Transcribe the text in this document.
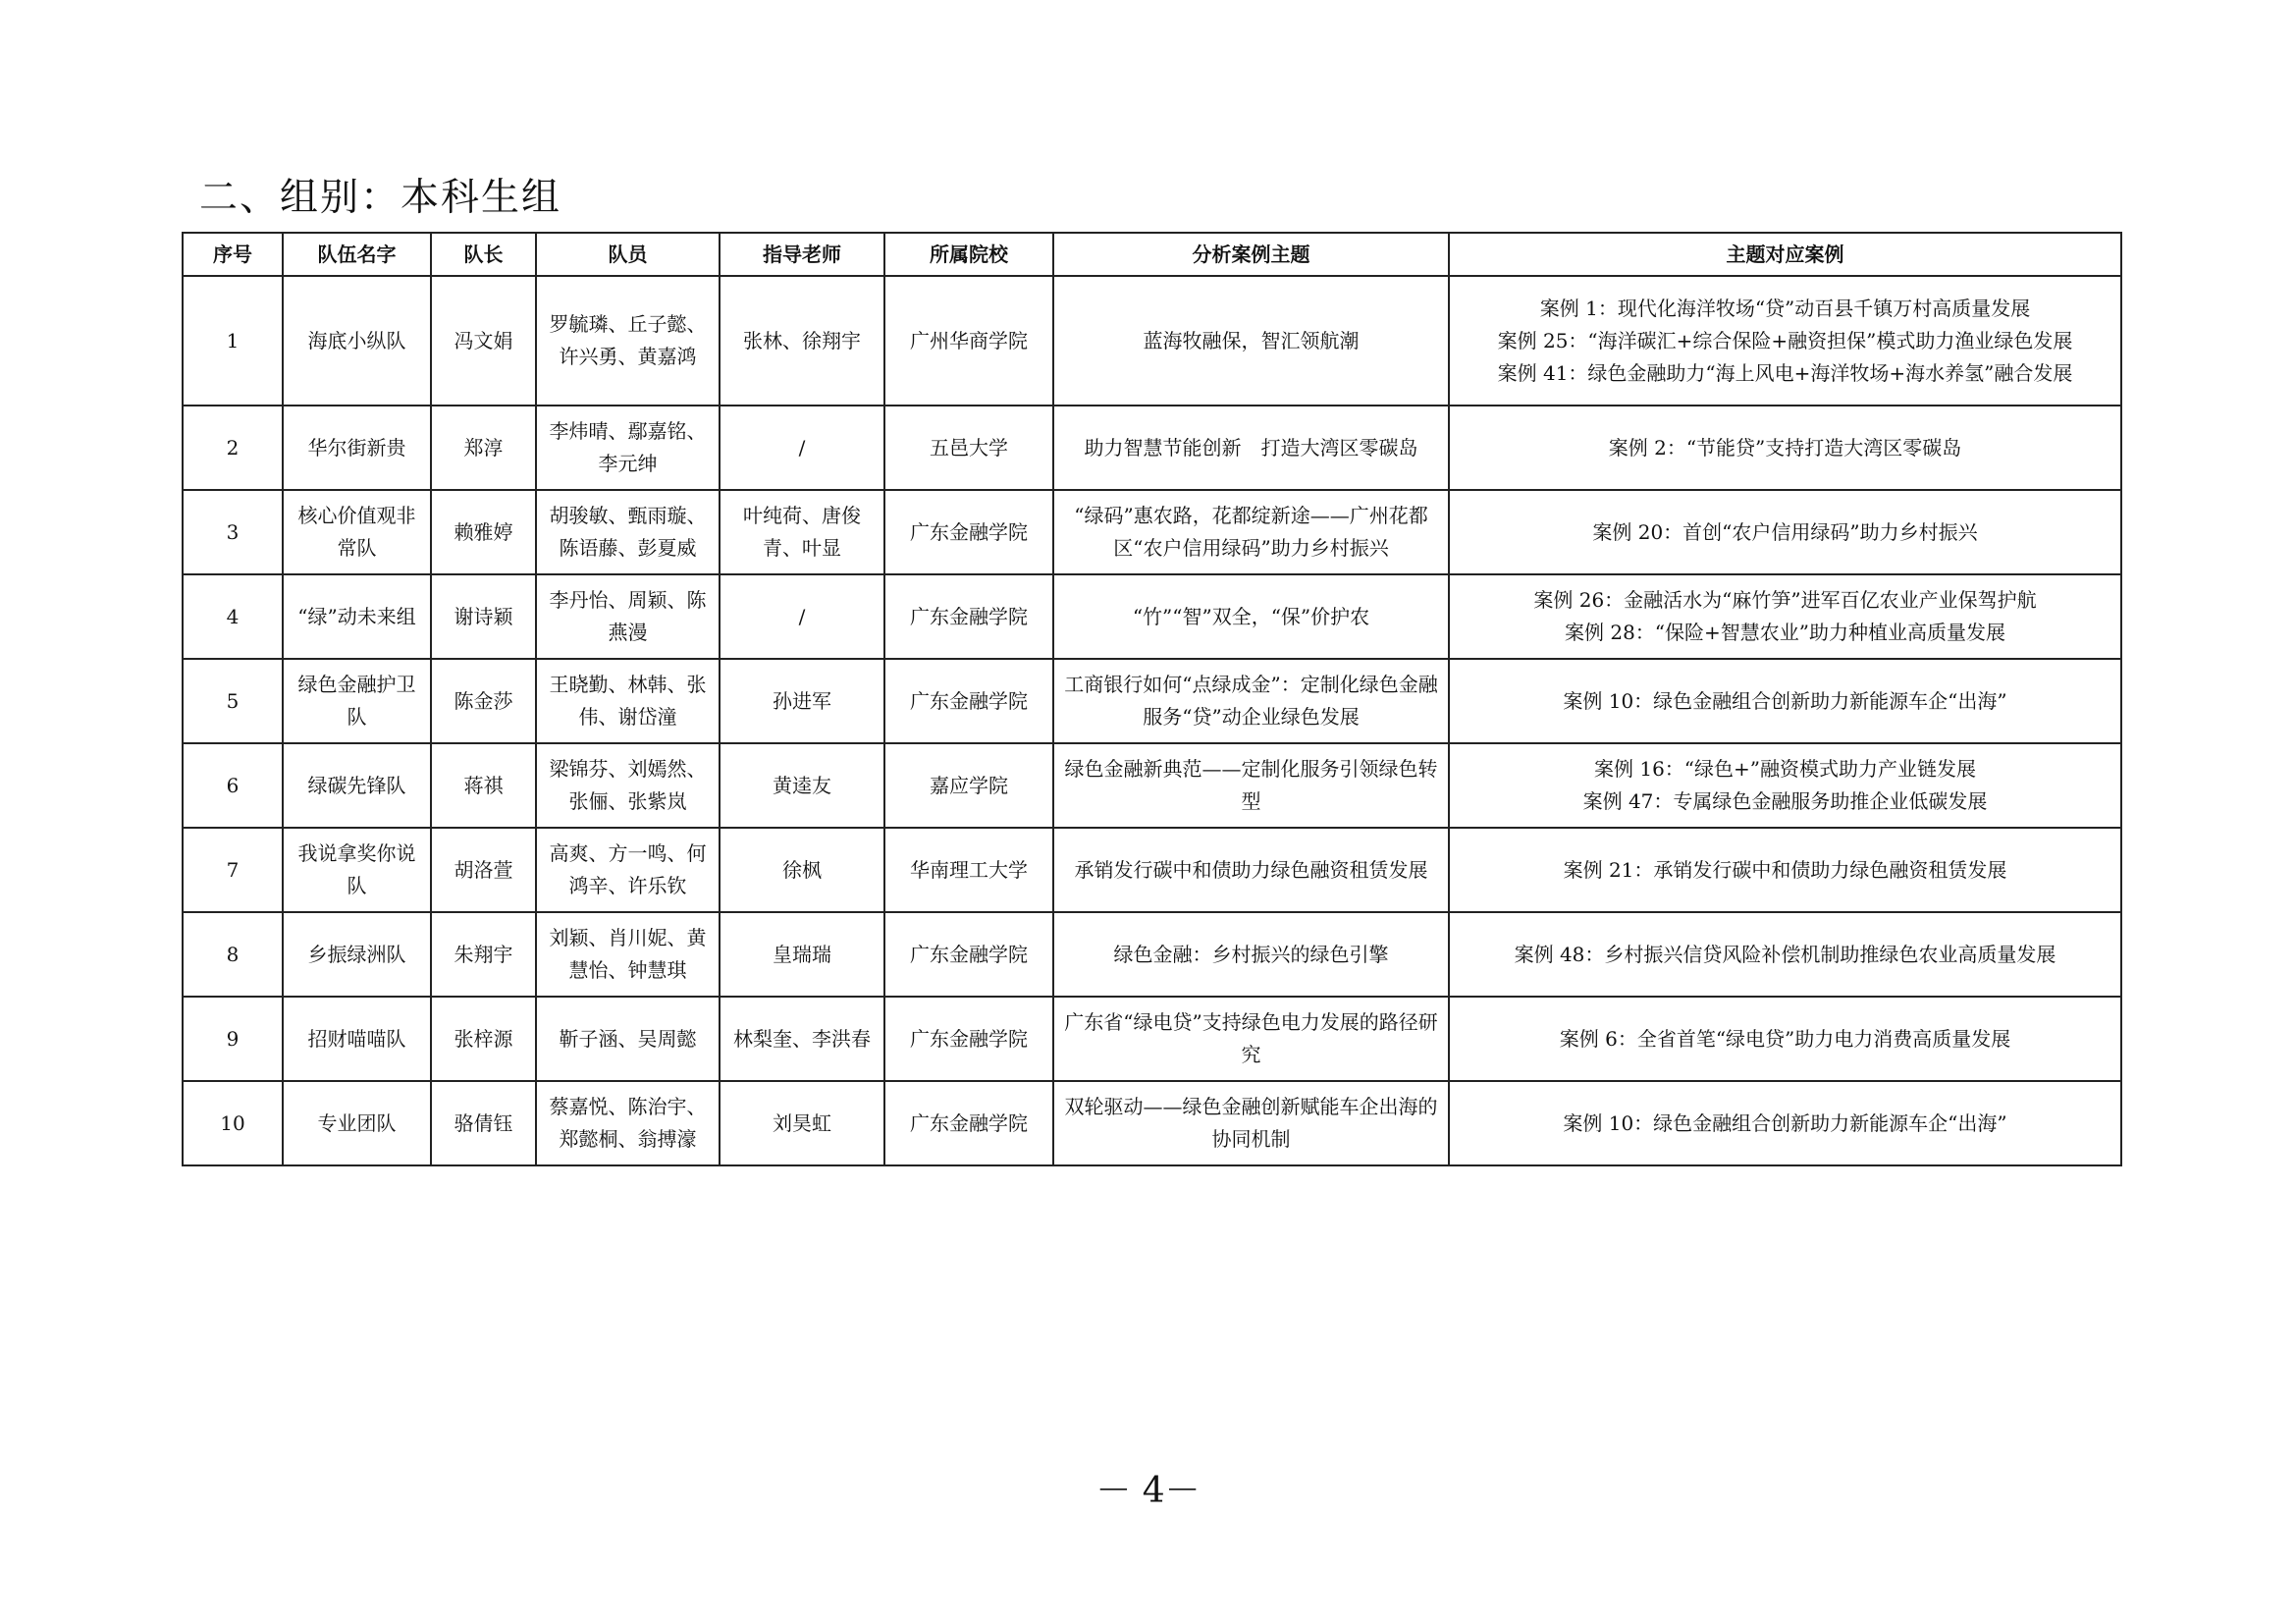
二、组别：本科生组
序号	队伍名字	队长	队员	指导老师	所属院校	分析案例主题	主题对应案例
1	海底小纵队	冯文娟	罗毓璘、丘子懿、许兴勇、黄嘉鸿	张林、徐翔宇	广州华商学院	蓝海牧融保，智汇领航潮	案例 1：现代化海洋牧场“贷”动百县千镇万村高质量发展
案例 25：“海洋碳汇+综合保险+融资担保”模式助力渔业绿色发展
案例 41：绿色金融助力“海上风电+海洋牧场+海水养氢”融合发展

2	华尔街新贵	郑淳	李炜晴、鄢嘉铭、李元绅	/	五邑大学	助力智慧节能创新　打造大湾区零碳岛	案例 2：“节能贷”支持打造大湾区零碳岛

3	核心价值观非常队	赖雅婷	胡骏敏、甄雨璇、陈语藤、彭夏威	叶纯荷、唐俊青、叶显	广东金融学院	“绿码”惠农路，花都绽新途——广州花都区“农户信用绿码”助力乡村振兴	案例 20：首创“农户信用绿码”助力乡村振兴

4	“绿”动未来组	谢诗颖	李丹怡、周颖、陈燕漫	/	广东金融学院	“竹”“智”双全，“保”价护农	案例 26：金融活水为“麻竹笋”进军百亿农业产业保驾护航
案例 28：“保险+智慧农业”助力种植业高质量发展

5	绿色金融护卫队	陈金莎	王晓勤、林韩、张伟、谢岱潼	孙进军	广东金融学院	工商银行如何“点绿成金”：定制化绿色金融服务“贷”动企业绿色发展	案例 10：绿色金融组合创新助力新能源车企“出海”

6	绿碳先锋队	蒋祺	梁锦芬、刘嫣然、张俪、张紫岚	黄逵友	嘉应学院	绿色金融新典范——定制化服务引领绿色转型	案例 16：“绿色+”融资模式助力产业链发展
案例 47：专属绿色金融服务助推企业低碳发展

7	我说拿奖你说队	胡洛萱	高爽、方一鸣、何鸿辛、许乐钦	徐枫	华南理工大学	承销发行碳中和债助力绿色融资租赁发展	案例 21：承销发行碳中和债助力绿色融资租赁发展

8	乡振绿洲队	朱翔宇	刘颖、肖川妮、黄慧怡、钟慧琪	皇瑞瑞	广东金融学院	绿色金融：乡村振兴的绿色引擎	案例 48：乡村振兴信贷风险补偿机制助推绿色农业高质量发展

9	招财喵喵队	张梓源	靳子涵、吴周懿	林梨奎、李洪春	广东金融学院	广东省“绿电贷”支持绿色电力发展的路径研究	案例 6：全省首笔“绿电贷”助力电力消费高质量发展

10	专业团队	骆倩钰	蔡嘉悦、陈治宇、郑懿桐、翁搏濠	刘昊虹	广东金融学院	双轮驱动——绿色金融创新赋能车企出海的协同机制	案例 10：绿色金融组合创新助力新能源车企“出海”
－ 4－
